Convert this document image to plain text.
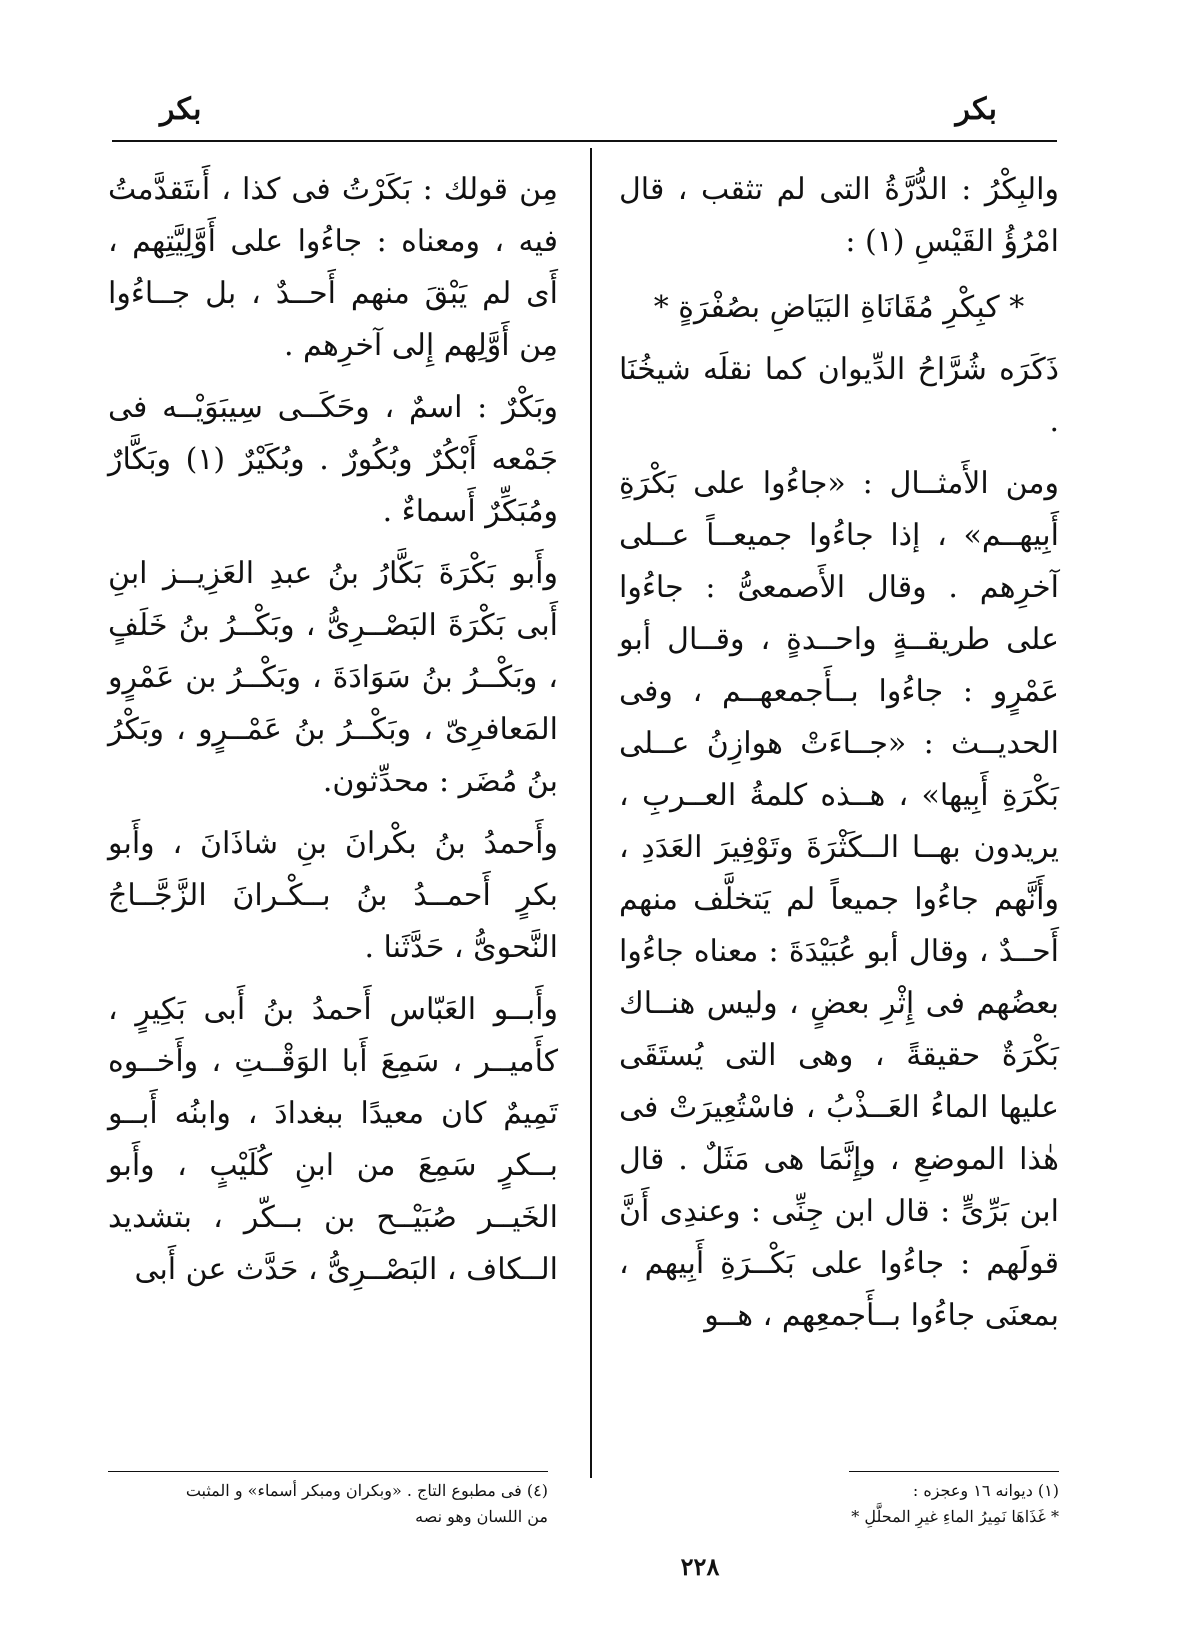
بكر
بكر

والبِكْرُ : الدُّرَّةُ التى لم تثقب ، قال امْرُؤُ القَيْسِ (١) :

* كبِكْرِ مُقَانَاةِ البَيَاضِ بصُفْرَةٍ *

ذَكَرَه شُرَّاحُ الدِّيوان كما نقلَه شيخُنَا .

ومن الأَمثــال : «جاءُوا على بَكْرَةِ أَبِيهــم» ، إذا جاءُوا جميعــاً عــلى آخرِهم . وقال الأَصمعىُّ : جاءُوا على طريقــةٍ واحــدةٍ ، وقــال أبو عَمْرٍو : جاءُوا بــأَجمعهــم ، وفى الحديــث : «جــاءَتْ هوازِنُ عــلى بَكْرَةِ أَبِيها» ، هــذه كلمةُ العــربِ ، يريدون بهــا الــكَثْرَةَ وتَوْفِيرَ العَدَدِ ، وأَنَّهم جاءُوا جميعاً لم يَتخلَّف منهم أَحــدٌ ، وقال أبو عُبَيْدَةَ : معناه جاءُوا بعضُهم فى إِثْرِ بعضٍ ، وليس هنــاك بَكْرَةٌ حقيقةً ، وهى التى يُستَقَى عليها الماءُ العَــذْبُ ، فاسْتُعِيرَتْ فى هٰذا الموضعِ ، وإِنَّمَا هى مَثَلٌ . قال ابن بَرِّىٍّ : قال ابن جِنِّى : وعندِى أَنَّ قولَهم : جاءُوا على بَكْــرَةِ أَبِيهم ، بمعنَى جاءُوا بــأَجمعِهم ، هــو

مِن قولك : بَكَرْتُ فى كذا ، أَىتَقدَّمتُ فيه ، ومعناه : جاءُوا على أَوَّلِيَّتِهم ، أَى لم يَبْقَ منهم أَحــدٌ ، بل جــاءُوا مِن أَوَّلِهم إِلى آخرِهم .

وبَكْرٌ : اسمٌ ، وحَكَــى سِيبَوَيْــه فى جَمْعه أَبْكُرٌ وبُكُورٌ . وبُكَيْرٌ (١) وبَكَّارٌ ومُبَكِّرٌ أَسماءٌ .

وأَبو بَكْرَةَ بَكَّارُ بنُ عبدِ العَزِيــز ابنِ أَبى بَكْرَةَ البَصْــرِىُّ ، وبَكْــرُ بنُ خَلَفٍ ، وبَكْــرُ بنُ سَوَادَةَ ، وبَكْــرُ بن عَمْرٍو المَعافرِىّ ، وبَكْــرُ بنُ عَمْــرٍو ، وبَكْرُ بنُ مُضَر : محدِّثون.

وأَحمدُ بنُ بكْرانَ بنِ شاذَانَ ، وأَبو بكرٍ أَحمــدُ بنُ بــكْـرانَ الزَّجَّــاجُ النَّحوىُّ ، حَدَّثَنا .

وأَبــو العَبّاس أَحمدُ بنُ أَبى بَكِيرٍ ، كأَميــر ، سَمِعَ أَبا الوَقْــتِ ، وأَخــوه تَمِيمٌ كان معيدًا ببغدادَ ، وابنُه أَبــو بــكرٍ سَمِعَ من ابنِ كُلَيْبٍ ، وأَبو الخَيــر صُبَيْــح بن بــكّر ، بتشديد الــكاف ، البَصْــرِىُّ ، حَدَّث عن أَبى

(١) ديوانه ١٦ وعجزه :
* غَذَاهَا نَمِيرُ الماءِ غيرِ المحلَّلِ *
(٤) فى مطبوع التاج . «وبكران ومبكر أسماء» و المثبت
من اللسان وهو نصه
٢٢٨
